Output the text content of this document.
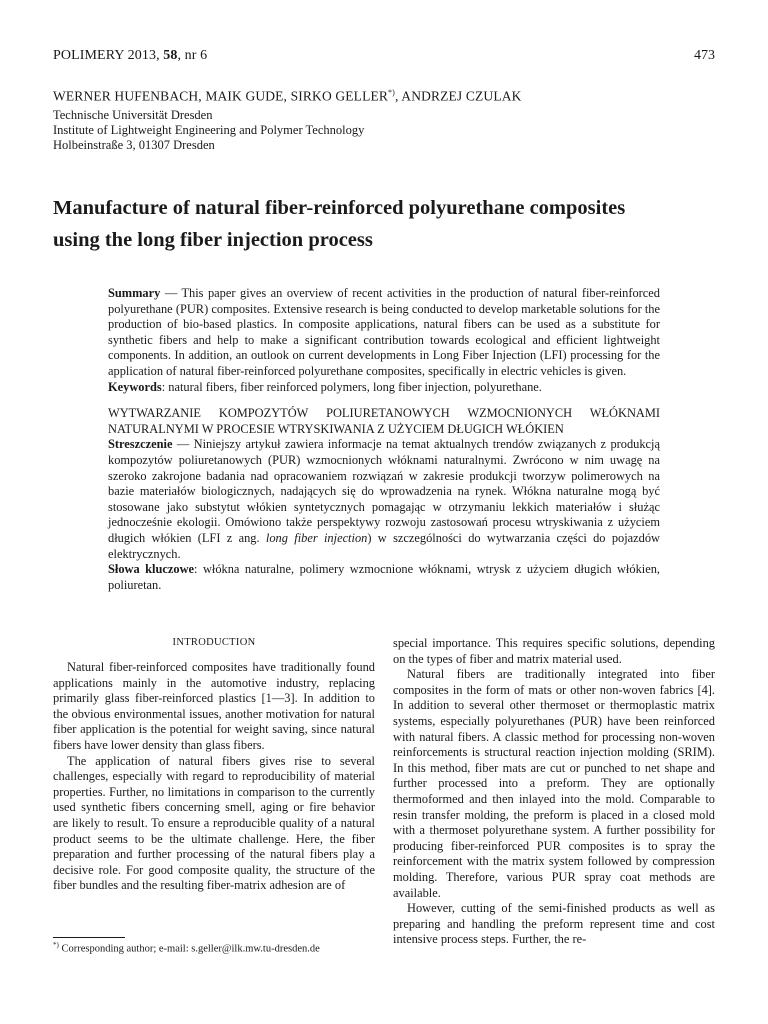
POLIMERY 2013, 58, nr 6	473
WERNER HUFENBACH, MAIK GUDE, SIRKO GELLER*), ANDRZEJ CZULAK
Technische Universität Dresden
Institute of Lightweight Engineering and Polymer Technology
Holbeinstraße 3, 01307 Dresden
Manufacture of natural fiber-reinforced polyurethane composites
using the long fiber injection process

Summary — This paper gives an overview of recent activities in the production of natural fiber-reinforced polyurethane (PUR) composites. Extensive research is being conducted to develop marketable solutions for the production of bio-based plastics. In composite applications, natural fibers can be used as a substitute for synthetic fibers and help to make a significant contribution towards ecological and efficient lightweight components. In addition, an outlook on current developments in Long Fiber Injection (LFI) processing for the application of natural fiber-reinforced polyurethane composites, specifically in electric vehicles is given.

Keywords: natural fibers, fiber reinforced polymers, long fiber injection, polyurethane.

WYTWARZANIE KOMPOZYTÓW POLIURETANOWYCH WZMOCNIONYCH WŁÓKNAMI NATURALNYMI W PROCESIE WTRYSKIWANIA Z UŻYCIEM DŁUGICH WŁÓKIEN

Streszczenie — Niniejszy artykuł zawiera informacje na temat aktualnych trendów związanych z produkcją kompozytów poliuretanowych (PUR) wzmocnionych włóknami naturalnymi. Zwrócono w nim uwagę na szeroko zakrojone badania nad opracowaniem rozwiązań w zakresie produkcji tworzyw polimerowych na bazie materiałów biologicznych, nadających się do wprowadzenia na rynek. Włókna naturalne mogą być stosowane jako substytut włókien syntetycznych pomagając w otrzymaniu lekkich materiałów i służąc jednocześnie ekologii. Omówiono także perspektywy rozwoju zastosowań procesu wtryskiwania z użyciem długich włókien (LFI z ang. long fiber injection) w szczególności do wytwarzania części do pojazdów elektrycznych.

Słowa kluczowe: włókna naturalne, polimery wzmocnione włóknami, wtrysk z użyciem długich włókien, poliuretan.

INTRODUCTION

Natural fiber-reinforced composites have traditionally found applications mainly in the automotive industry, replacing primarily glass fiber-reinforced plastics [1—3]. In addition to the obvious environmental issues, another motivation for natural fiber application is the potential for weight saving, since natural fibers have lower density than glass fibers.

The application of natural fibers gives rise to several challenges, especially with regard to reproducibility of material properties. Further, no limitations in comparison to the currently used synthetic fibers concerning smell, aging or fire behavior are likely to result. To ensure a reproducible quality of a natural product seems to be the ultimate challenge. Here, the fiber preparation and further processing of the natural fibers play a decisive role. For good composite quality, the structure of the fiber bundles and the resulting fiber-matrix adhesion are of

special importance. This requires specific solutions, depending on the types of fiber and matrix material used.

Natural fibers are traditionally integrated into fiber composites in the form of mats or other non-woven fabrics [4]. In addition to several other thermoset or thermoplastic matrix systems, especially polyurethanes (PUR) have been reinforced with natural fibers. A classic method for processing non-woven reinforcements is structural reaction injection molding (SRIM). In this method, fiber mats are cut or punched to net shape and further processed into a preform. They are optionally thermoformed and then inlayed into the mold. Comparable to resin transfer molding, the preform is placed in a closed mold with a thermoset polyurethane system. A further possibility for producing fiber-reinforced PUR composites is to spray the reinforcement with the matrix system followed by compression molding. Therefore, various PUR spray coat methods are available.

However, cutting of the semi-finished products as well as preparing and handling the preform represent time and cost intensive process steps. Further, the re-

*) Corresponding author; e-mail: s.geller@ilk.mw.tu-dresden.de
